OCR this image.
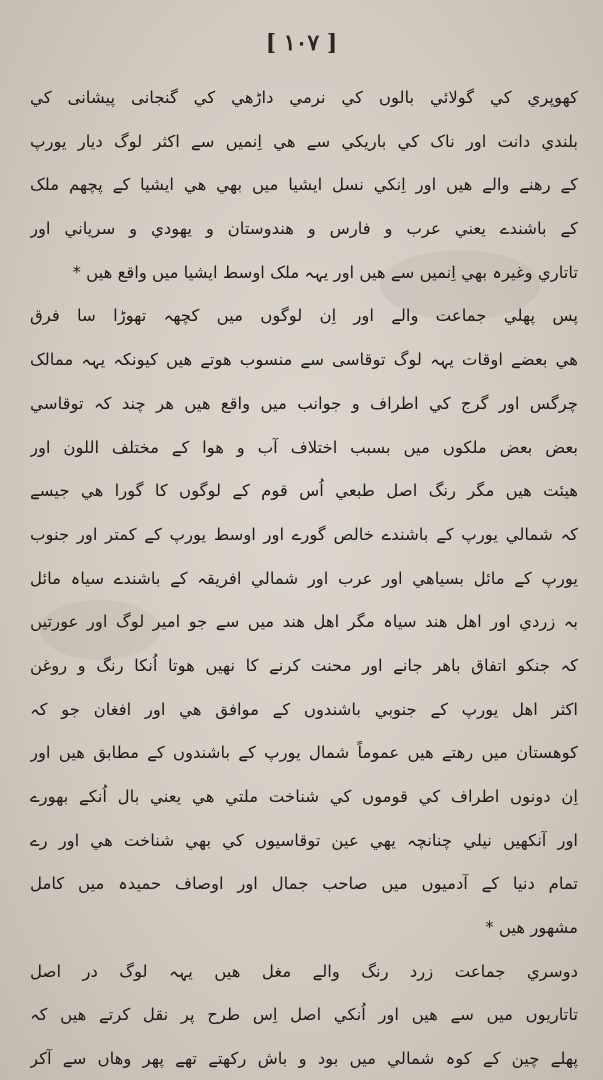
[ ۱۰۷ ]
کھوپري کي گولائي بالوں کي نرمي داڑھي کي گنجانی پیشانی کي
بلندي دانت اور ناک کي باریکي سے هي اِنمیں سے اکثر لوگ دیار یورپ
کے رهنے والے هیں اور اِنکي نسل ایشیا میں بهي هي ایشیا کے پچھم ملک
کے باشندے یعني عرب و فارس و هندوستان و یهودي و سریاني اور
تاتاري وغیرہ بهي اِنمیں سے هیں اور یہہ ملک اوسط ایشیا میں واقع هیں *
پس پهلي جماعت والے اور اِن لوگوں میں کچهہ تهوڑا سا فرق
هي بعضے اوقات یہہ لوگ توقاسی سے منسوب هوتے هیں کیونکہ یہہ ممالک
چرگس اور گرج کي اطراف و جوانب میں واقع هیں هر چند کہ توقاسي
بعض بعض ملکوں میں بسبب اختلاف آب و هوا کے مختلف اللون اور
هیئت هیں مگر رنگ اصل طبعي اُس قوم کے لوگوں کا گورا هي جیسے
کہ شمالي یورپ کے باشندے خالص گورے اور اوسط یورپ کے کمتر اور جنوب
یورپ کے مائل بسیاهي اور عرب اور شمالي افریقہ کے باشندے سیاہ مائل
بہ زردي اور اهل هند سیاہ مگر اهل هند میں سے جو امیر لوگ اور عورتیں
کہ جنکو اتفاق باهر جانے اور محنت کرنے کا نهیں هوتا اُنکا رنگ و روغن
اکثر اهل یورپ کے جنوبي باشندوں کے موافق هي اور افغان جو کہ
کوهستان میں رهتے هیں عموماً شمال یورپ کے باشندوں کے مطابق هیں اور
اِن دونوں اطراف کي قوموں کي شناخت ملتي هي یعني بال اُنکے بهورے
اور آنکھیں نیلي چنانچہ یهي عین توقاسیوں کي بهي شناخت هي اور رے
تمام دنیا کے آدمیوں میں صاحب جمال اور اوصاف حمیدہ میں کامل
مشهور هیں *
دوسري جماعت زرد رنگ والے مغل هیں یہہ لوگ در اصل
تاتاریوں میں سے هیں اور اُنکي اصل اِس طرح پر نقل کرتے هیں کہ
پهلے چین کے کوہ شمالي میں بود و باش رکهتے تهے پهر وهاں سے آکر
